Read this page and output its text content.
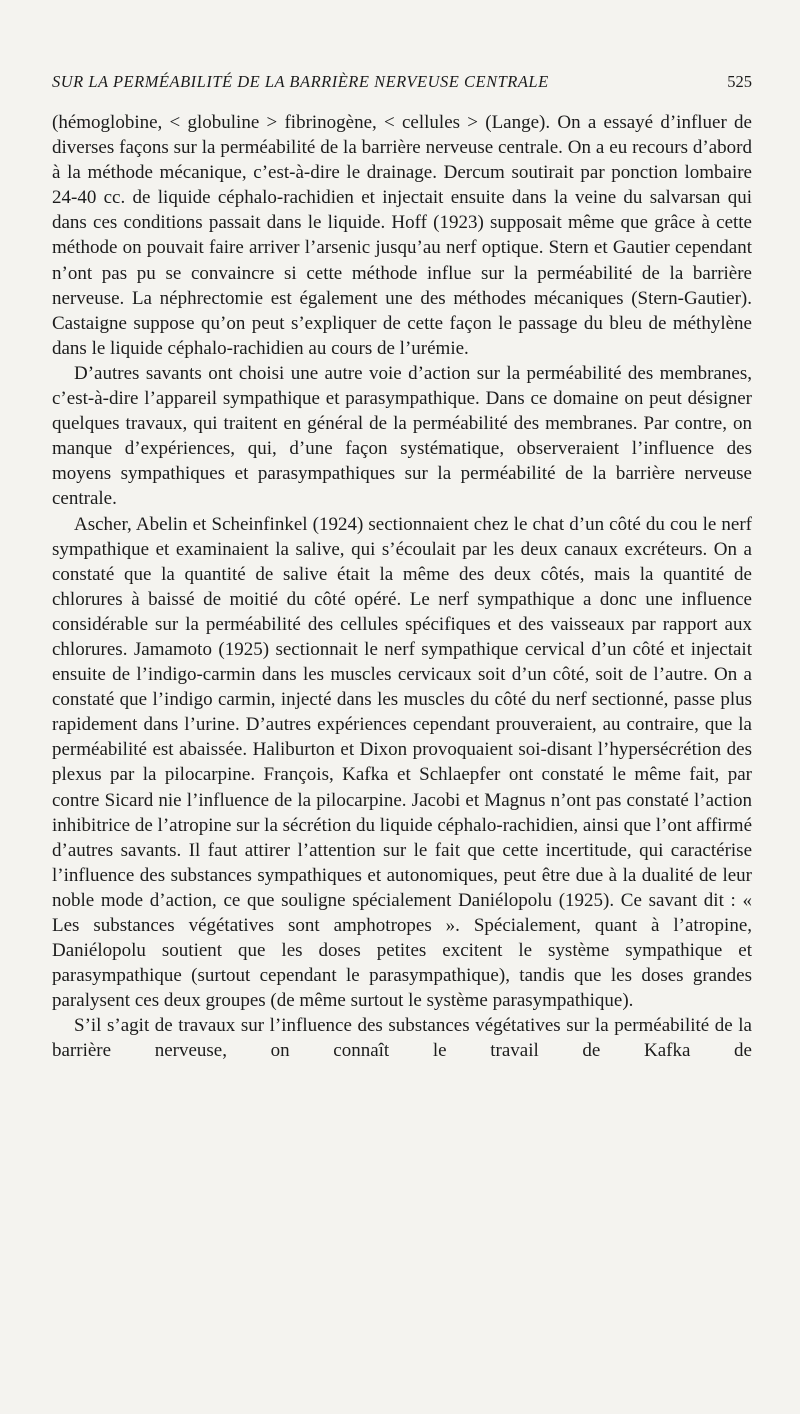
SUR LA PERMÉABILITÉ DE LA BARRIÈRE NERVEUSE CENTRALE	525

(hémoglobine, < globuline > fibrinogène, < cellules > (Lange). On a essayé d’influer de diverses façons sur la perméabilité de la barrière nerveuse centrale. On a eu recours d’abord à la méthode mécanique, c’est-à-dire le drainage. Dercum soutirait par ponction lombaire 24-40 cc. de liquide céphalo-rachidien et injectait ensuite dans la veine du salvarsan qui dans ces conditions passait dans le liquide. Hoff (1923) supposait même que grâce à cette méthode on pouvait faire arriver l’arsenic jusqu’au nerf optique. Stern et Gautier cependant n’ont pas pu se convaincre si cette méthode influe sur la perméabilité de la barrière nerveuse. La néphrectomie est également une des méthodes mécaniques (Stern-Gautier). Castaigne suppose qu’on peut s’expliquer de cette façon le passage du bleu de méthylène dans le liquide céphalo-rachidien au cours de l’urémie.

D’autres savants ont choisi une autre voie d’action sur la perméabilité des membranes, c’est-à-dire l’appareil sympathique et parasympathique. Dans ce domaine on peut désigner quelques travaux, qui traitent en général de la perméabilité des membranes. Par contre, on manque d’expériences, qui, d’une façon systématique, observeraient l’influence des moyens sympathiques et parasympathiques sur la perméabilité de la barrière nerveuse centrale.

Ascher, Abelin et Scheinfinkel (1924) sectionnaient chez le chat d’un côté du cou le nerf sympathique et examinaient la salive, qui s’écoulait par les deux canaux excréteurs. On a constaté que la quantité de salive était la même des deux côtés, mais la quantité de chlorures à baissé de moitié du côté opéré. Le nerf sympathique a donc une influence considérable sur la perméabilité des cellules spécifiques et des vaisseaux par rapport aux chlorures. Jamamoto (1925) sectionnait le nerf sympathique cervical d’un côté et injectait ensuite de l’indigo-carmin dans les muscles cervicaux soit d’un côté, soit de l’autre. On a constaté que l’indigo carmin, injecté dans les muscles du côté du nerf sectionné, passe plus rapidement dans l’urine. D’autres expériences cependant prouveraient, au contraire, que la perméabilité est abaissée. Haliburton et Dixon provoquaient soi-disant l’hypersécrétion des plexus par la pilocarpine. François, Kafka et Schlaepfer ont constaté le même fait, par contre Sicard nie l’influence de la pilocarpine. Jacobi et Magnus n’ont pas constaté l’action inhibitrice de l’atropine sur la sécrétion du liquide céphalo-rachidien, ainsi que l’ont affirmé d’autres savants. Il faut attirer l’attention sur le fait que cette incertitude, qui caractérise l’influence des substances sympathiques et autonomiques, peut être due à la dualité de leur noble mode d’action, ce que souligne spécialement Daniélopolu (1925). Ce savant dit : « Les substances végétatives sont amphotropes ». Spécialement, quant à l’atropine, Daniélopolu soutient que les doses petites excitent le système sympathique et parasympathique (surtout cependant le parasympathique), tandis que les doses grandes paralysent ces deux groupes (de même surtout le système parasympathique).

S’il s’agit de travaux sur l’influence des substances végétatives sur la perméabilité de la barrière nerveuse, on connaît le travail de Kafka de
